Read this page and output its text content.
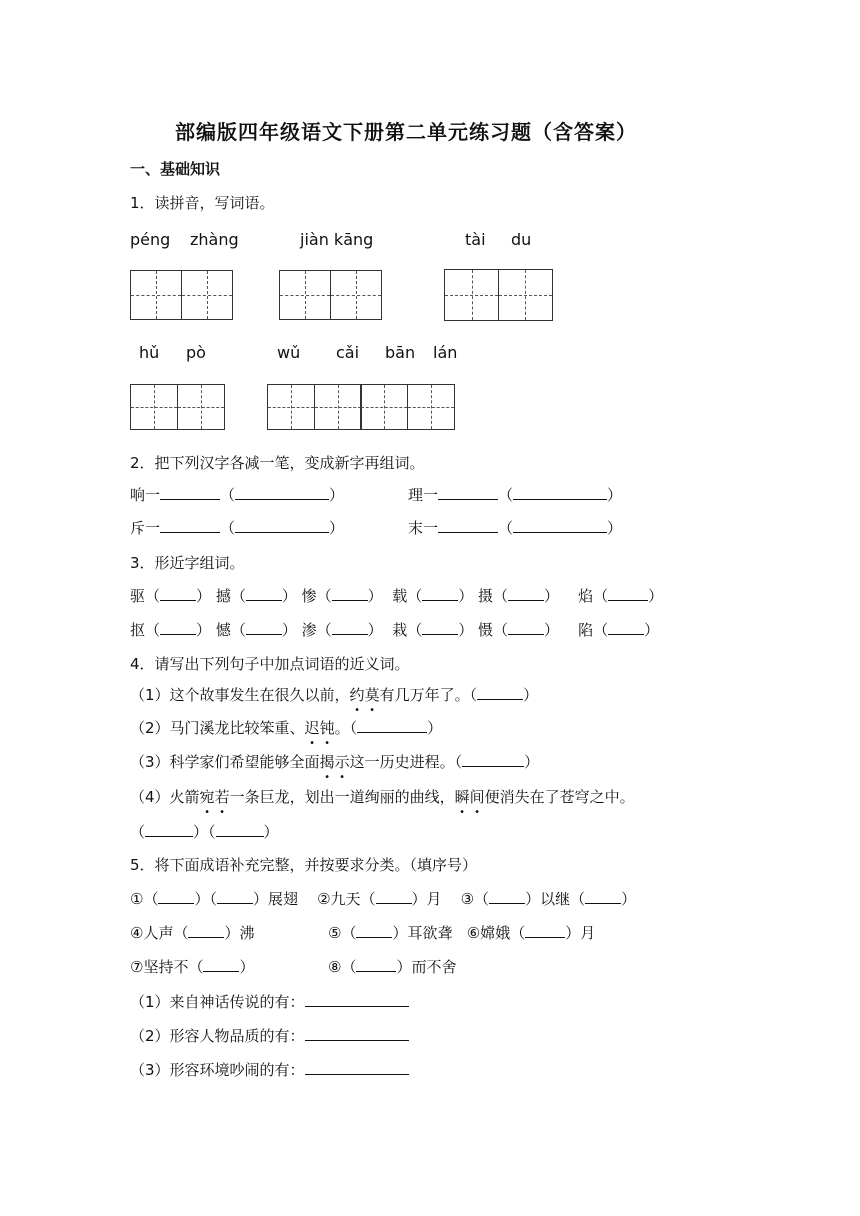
部编版四年级语文下册第二单元练习题（含答案）
一、基础知识
1．读拼音，写词语。
péng zhàng	jiàn kāng	tài du
hǔ pò	wǔ cǎi bān lán
2．把下列汉字各减一笔，变成新字再组词。
响一	（	）	理一	（	）
斥一	（	）	末一	（	）
3．形近字组词。
驱（ ） 撼（ ） 惨（ ）  载（ ） 摄（ ）    焰（	）
抠（ ） 憾（ ） 渗（ ）  栽（ ） 慑（ ）    陷（ ）
4．请写出下列句子中加点词语的近义词。
（1）这个故事发生在很久以前，约莫有几万年了。（	）
（2）马门溪龙比较笨重、迟钝。（	）
（3）科学家们希望能够全面揭示这一历史进程。（	）
（4）火箭宛若一条巨龙，划出一道绚丽的曲线，瞬间便消失在了苍穹之中。
（	）（	）
5．将下面成语补充完整，并按要求分类。（填序号）
①（ ）（ ）展翅 ②九天（ ）月 ③（ ）以继（ ）
④人声（ ）沸	⑤（ ）耳欲聋 ⑥嫦娥（	）月
⑦坚持不（ ）	⑧（	）而不舍
（1）来自神话传说的有：
（2）形容人物品质的有：
（3）形容环境吵闹的有：
